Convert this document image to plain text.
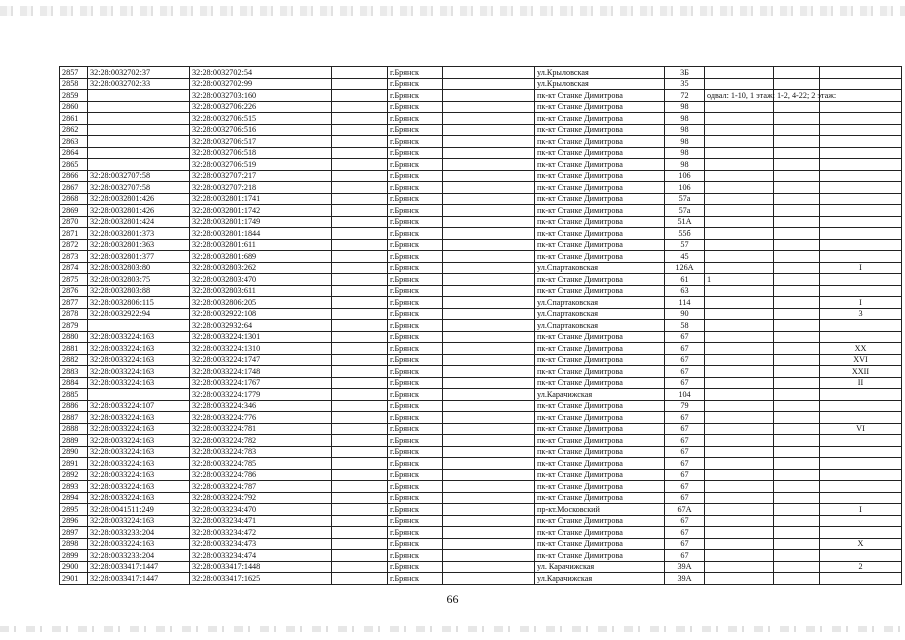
2857	32:28:0032702:37	32:28:0032702:54		г.Брянск		ул.Крыловская	3Б			
2858	32:28:0032702:33	32:28:0032702:99		г.Брянск		ул.Крыловская	35			
2859		32:28:0032703:160		г.Брянск		пк-кт Станке Димитрова	72	одвал: 1-10, 1 этаж: 1-2, 4-22; 2 этаж:		
2860		32:28:0032706:226		г.Брянск		пк-кт Станке Димитрова	98			
2861		32:28:0032706:515		г.Брянск		пк-кт Станке Димитрова	98			
2862		32:28:0032706:516		г.Брянск		пк-кт Станке Димитрова	98			
2863		32:28:0032706:517		г.Брянск		пк-кт Станке Димитрова	98			
2864		32:28:0032706:518		г.Брянск		пк-кт Станке Димитрова	98			
2865		32:28:0032706:519		г.Брянск		пк-кт Станке Димитрова	98			
2866	32:28:0032707:58	32:28:0032707:217		г.Брянск		пк-кт Станке Димитрова	106			
2867	32:28:0032707:58	32:28:0032707:218		г.Брянск		пк-кт Станке Димитрова	106			
2868	32:28:0032801:426	32:28:0032801:1741		г.Брянск		пк-кт Станке Димитрова	57а			
2869	32:28:0032801:426	32:28:0032801:1742		г.Брянск		пк-кт Станке Димитрова	57а			
2870	32:28:0032801:424	32:28:0032801:1749		г.Брянск		пк-кт Станке Димитрова	51А			
2871	32:28:0032801:373	32:28:0032801:1844		г.Брянск		пк-кт Станке Димитрова	55б			
2872	32:28:0032801:363	32:28:0032801:611		г.Брянск		пк-кт Станке Димитрова	57			
2873	32:28:0032801:377	32:28:0032801:689		г.Брянск		пк-кт Станке Димитрова	45			
2874	32:28:0032803:80	32:28:0032803:262		г.Брянск		ул.Спартаковская	126А			I
2875	32:28:0032803:75	32:28:0032803:470		г.Брянск		пк-кт Станке Димитрова	61	1		
2876	32:28:0032803:88	32:28:0032803:611		г.Брянск		пк-кт Станке Димитрова	63			
2877	32:28:0032806:115	32:28:0032806:205		г.Брянск		ул.Спартаковская	114			I
2878	32:28:0032922:94	32:28:0032922:108		г.Брянск		ул.Спартаковская	90			3
2879		32:28:0032932:64		г.Брянск		ул.Спартаковская	58			
2880	32:28:0033224:163	32:28:0033224:1301		г.Брянск		пк-кт Станке Димитрова	67			
2881	32:28:0033224:163	32:28:0033224:1310		г.Брянск		пк-кт Станке Димитрова	67			XX
2882	32:28:0033224:163	32:28:0033224:1747		г.Брянск		пк-кт Станке Димитрова	67			XVI
2883	32:28:0033224:163	32:28:0033224:1748		г.Брянск		пк-кт Станке Димитрова	67			XXII
2884	32:28:0033224:163	32:28:0033224:1767		г.Брянск		пк-кт Станке Димитрова	67			II
2885		32:28:0033224:1779		г.Брянск		ул.Карачижская	104			
2886	32:28:0033224:107	32:28:0033224:346		г.Брянск		пк-кт Станке Димитрова	79			
2887	32:28:0033224:163	32:28:0033224:776		г.Брянск		пк-кт Станке Димитрова	67			
2888	32:28:0033224:163	32:28:0033224:781		г.Брянск		пк-кт Станке Димитрова	67			VI
2889	32:28:0033224:163	32:28:0033224:782		г.Брянск		пк-кт Станке Димитрова	67			
2890	32:28:0033224:163	32:28:0033224:783		г.Брянск		пк-кт Станке Димитрова	67			
2891	32:28:0033224:163	32:28:0033224:785		г.Брянск		пк-кт Станке Димитрова	67			
2892	32:28:0033224:163	32:28:0033224:786		г.Брянск		пк-кт Станке Димитрова	67			
2893	32:28:0033224:163	32:28:0033224:787		г.Брянск		пк-кт Станке Димитрова	67			
2894	32:28:0033224:163	32:28:0033224:792		г.Брянск		пк-кт Станке Димитрова	67			
2895	32:28:0041511:249	32:28:0033234:470		г.Брянск		пр-кт.Московский	67А			I
2896	32:28:0033224:163	32:28:0033234:471		г.Брянск		пк-кт Станке Димитрова	67			
2897	32:28:0033233:204	32:28:0033234:472		г.Брянск		пк-кт Станке Димитрова	67			
2898	32:28:0033224:163	32:28:0033234:473		г.Брянск		пк-кт Станке Димитрова	67			X
2899	32:28:0033233:204	32:28:0033234:474		г.Брянск		пк-кт Станке Димитрова	67			
2900	32:28:0033417:1447	32:28:0033417:1448		г.Брянск		ул. Карачижская	39А			2
2901	32:28:0033417:1447	32:28:0033417:1625		г.Брянск		ул.Карачижская	39А			
66
